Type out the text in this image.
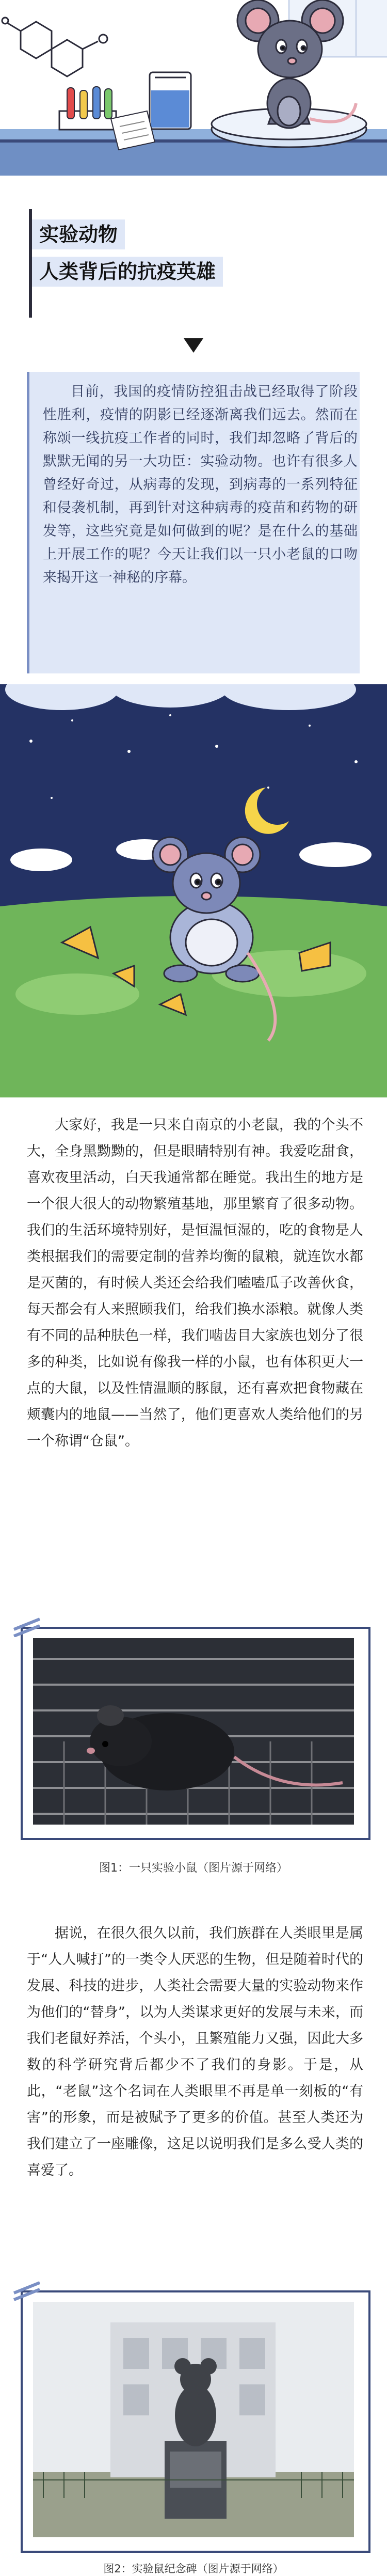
实验动物
人类背后的抗疫英雄
目前，我国的疫情防控狙击战已经取得了阶段性胜利，疫情的阴影已经逐渐离我们远去。然而在称颂一线抗疫工作者的同时，我们却忽略了背后的默默无闻的另一大功臣：实验动物。也许有很多人曾经好奇过，从病毒的发现，到病毒的一系列特征和侵袭机制，再到针对这种病毒的疫苗和药物的研发等，这些究竟是如何做到的呢？是在什么的基础上开展工作的呢？今天让我们以一只小老鼠的口吻来揭开这一神秘的序幕。
大家好，我是一只来自南京的小老鼠，我的个头不大，全身黑黝黝的，但是眼睛特别有神。我爱吃甜食，喜欢夜里活动，白天我通常都在睡觉。我出生的地方是一个很大很大的动物繁殖基地，那里繁育了很多动物。我们的生活环境特别好，是恒温恒湿的，吃的食物是人类根据我们的需要定制的营养均衡的鼠粮，就连饮水都是灭菌的，有时候人类还会给我们嗑嗑瓜子改善伙食，每天都会有人来照顾我们，给我们换水添粮。就像人类有不同的品种肤色一样，我们啮齿目大家族也划分了很多的种类，比如说有像我一样的小鼠，也有体积更大一点的大鼠，以及性情温顺的豚鼠，还有喜欢把食物藏在颊囊内的地鼠——当然了，他们更喜欢人类给他们的另一个称谓“仓鼠”。
图1：一只实验小鼠（图片源于网络）
据说，在很久很久以前，我们族群在人类眼里是属于“人人喊打”的一类令人厌恶的生物，但是随着时代的发展、科技的进步，人类社会需要大量的实验动物来作为他们的“替身”，以为人类谋求更好的发展与未来，而我们老鼠好养活，个头小，且繁殖能力又强，因此大多数的科学研究背后都少不了我们的身影。于是，从此，“老鼠”这个名词在人类眼里不再是单一刻板的“有害”的形象，而是被赋予了更多的价值。甚至人类还为我们建立了一座雕像，这足以说明我们是多么受人类的喜爱了。
图2：实验鼠纪念碑（图片源于网络）
